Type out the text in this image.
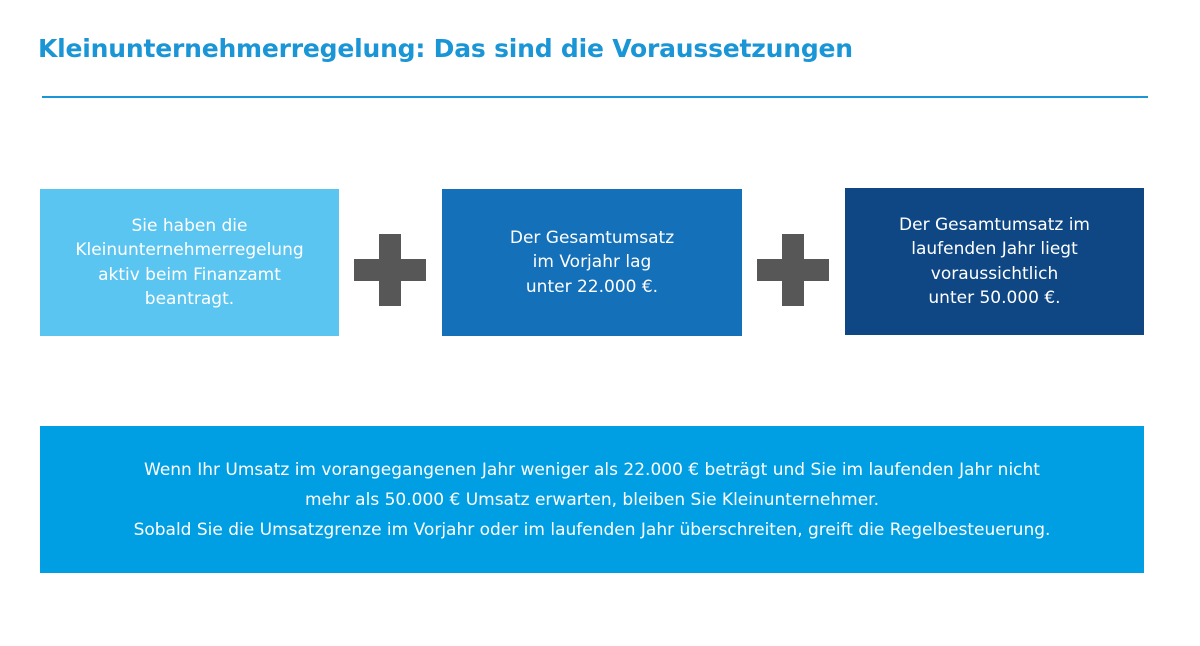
Kleinunternehmerregelung: Das sind die Voraussetzungen
Sie haben die
Kleinunternehmerregelung
aktiv beim Finanzamt
beantragt.
Der Gesamtumsatz
im Vorjahr lag
unter 22.000 €.
Der Gesamtumsatz im
laufenden Jahr liegt
voraussichtlich
unter 50.000 €.
Wenn Ihr Umsatz im vorangegangenen Jahr weniger als 22.000 € beträgt und Sie im laufenden Jahr nicht
mehr als 50.000 € Umsatz erwarten, bleiben Sie Kleinunternehmer.
Sobald Sie die Umsatzgrenze im Vorjahr oder im laufenden Jahr überschreiten, greift die Regelbesteuerung.
